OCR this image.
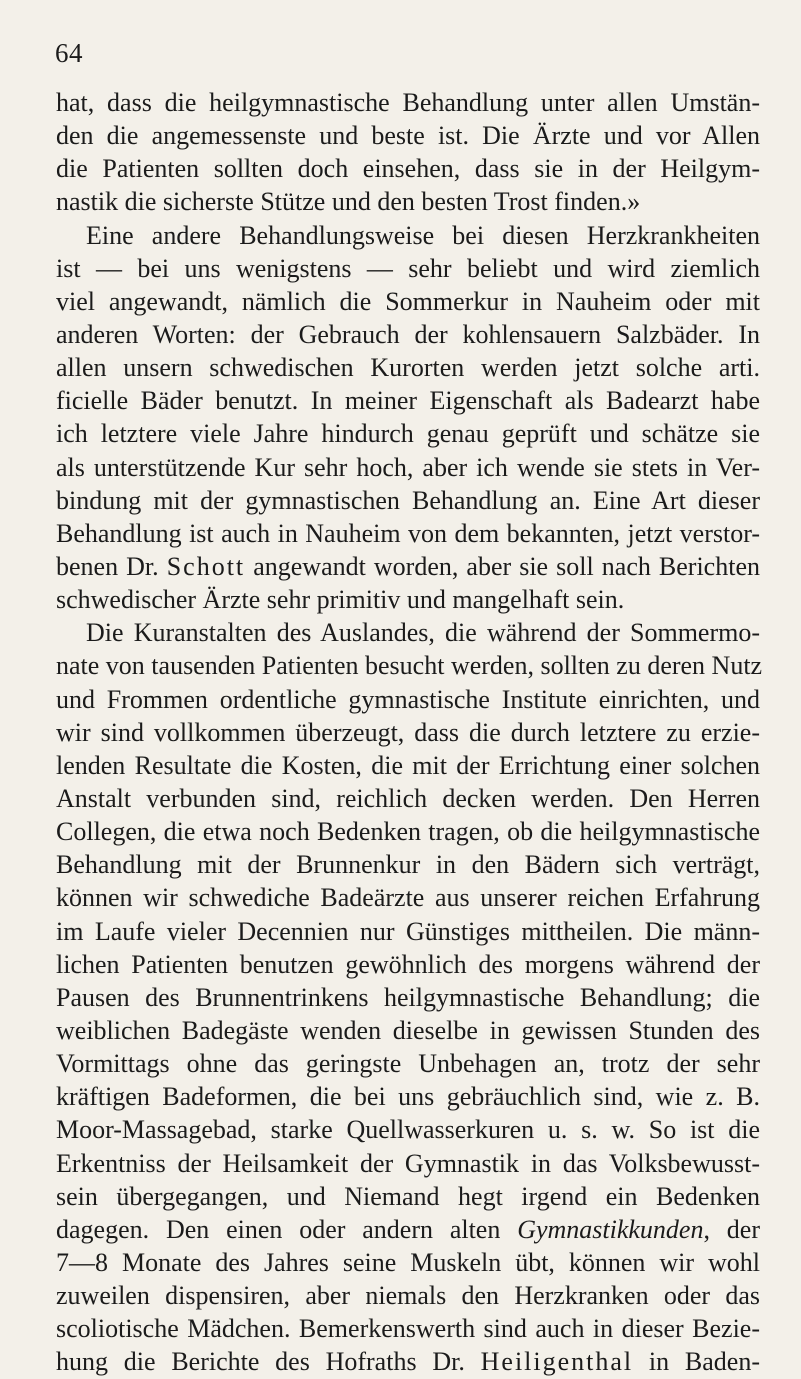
64
hat, dass die heilgymnastische Behandlung unter allen Umstän-
den die angemessenste und beste ist. Die Ärzte und vor Allen
die Patienten sollten doch einsehen, dass sie in der Heilgym-
nastik die sicherste Stütze und den besten Trost finden.»
Eine andere Behandlungsweise bei diesen Herzkrankheiten
ist — bei uns wenigstens — sehr beliebt und wird ziemlich
viel angewandt, nämlich die Sommerkur in Nauheim oder mit
anderen Worten: der Gebrauch der kohlensauern Salzbäder. In
allen unsern schwedischen Kurorten werden jetzt solche arti.
ficielle Bäder benutzt. In meiner Eigenschaft als Badearzt habe
ich letztere viele Jahre hindurch genau geprüft und schätze sie
als unterstützende Kur sehr hoch, aber ich wende sie stets in Ver-
bindung mit der gymnastischen Behandlung an. Eine Art dieser
Behandlung ist auch in Nauheim von dem bekannten, jetzt verstor-
benen Dr. Schott angewandt worden, aber sie soll nach Berichten
schwedischer Ärzte sehr primitiv und mangelhaft sein.
Die Kuranstalten des Auslandes, die während der Sommermo-
nate von tausenden Patienten besucht werden, sollten zu deren Nutz
und Frommen ordentliche gymnastische Institute einrichten, und
wir sind vollkommen überzeugt, dass die durch letztere zu erzie-
lenden Resultate die Kosten, die mit der Errichtung einer solchen
Anstalt verbunden sind, reichlich decken werden. Den Herren
Collegen, die etwa noch Bedenken tragen, ob die heilgymnastische
Behandlung mit der Brunnenkur in den Bädern sich verträgt,
können wir schwediche Badeärzte aus unserer reichen Erfahrung
im Laufe vieler Decennien nur Günstiges mittheilen. Die männ-
lichen Patienten benutzen gewöhnlich des morgens während der
Pausen des Brunnentrinkens heilgymnastische Behandlung; die
weiblichen Badegäste wenden dieselbe in gewissen Stunden des
Vormittags ohne das geringste Unbehagen an, trotz der sehr
kräftigen Badeformen, die bei uns gebräuchlich sind, wie z. B.
Moor-Massagebad, starke Quellwasserkuren u. s. w. So ist die
Erkentniss der Heilsamkeit der Gymnastik in das Volksbewusst-
sein übergegangen, und Niemand hegt irgend ein Bedenken
dagegen. Den einen oder andern alten Gymnastikkunden, der
7—8 Monate des Jahres seine Muskeln übt, können wir wohl
zuweilen dispensiren, aber niemals den Herzkranken oder das
scoliotische Mädchen. Bemerkenswerth sind auch in dieser Bezie-
hung die Berichte des Hofraths Dr. Heiligenthal in Baden-
